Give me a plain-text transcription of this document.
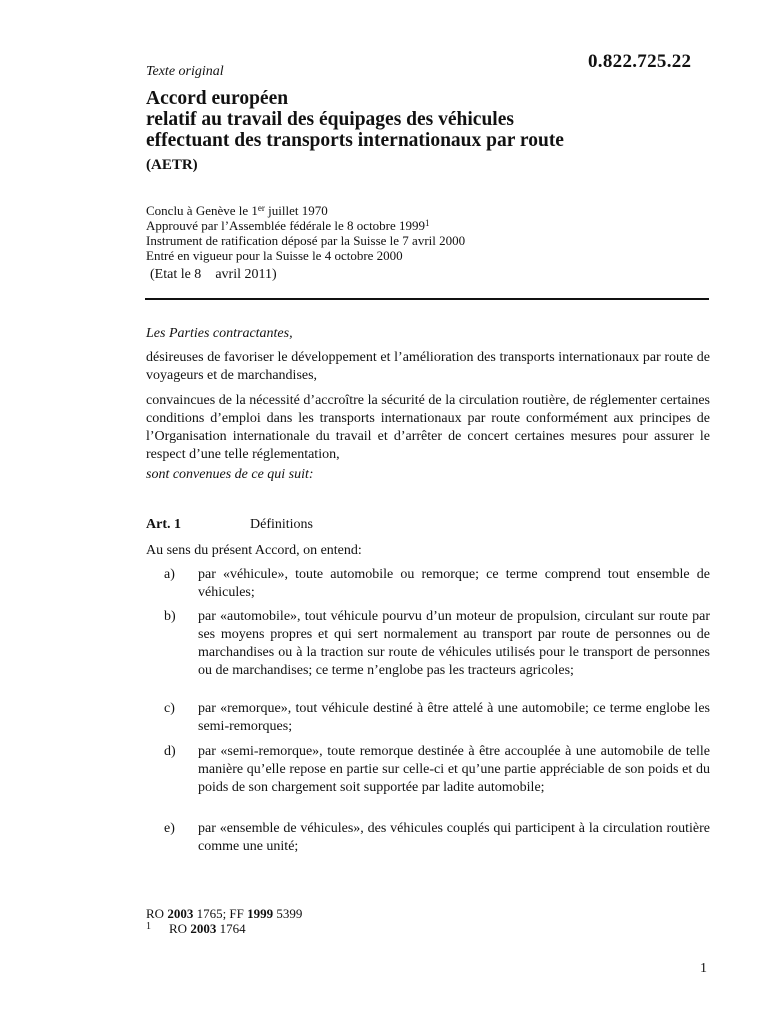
0.822.725.22
Texte original
Accord européen
relatif au travail des équipages des véhicules
effectuant des transports internationaux par route
(AETR)
Conclu à Genève le 1er juillet 1970
Approuvé par l’Assemblée fédérale le 8 octobre 1999$^1$
Instrument de ratification déposé par la Suisse le 7 avril 2000
Entré en vigueur pour la Suisse le 4 octobre 2000
(Etat le 8 avril 2011)
Les Parties contractantes,
désireuses de favoriser le développement et l’amélioration des transports internationaux par route de voyageurs et de marchandises,
convaincues de la nécessité d’accroître la sécurité de la circulation routière, de réglementer certaines conditions d’emploi dans les transports internationaux par route conformément aux principes de l’Organisation internationale du travail et d’arrêter de concert certaines mesures pour assurer le respect d’une telle réglementation,
sont convenues de ce qui suit:
Art. 1	Définitions
Au sens du présent Accord, on entend:
a) par «véhicule», toute automobile ou remorque; ce terme comprend tout ensemble de véhicules;
b) par «automobile», tout véhicule pourvu d’un moteur de propulsion, circulant sur route par ses moyens propres et qui sert normalement au transport par route de personnes ou de marchandises ou à la traction sur route de véhicules utilisés pour le transport de personnes ou de marchandises; ce terme n’englobe pas les tracteurs agricoles;
c) par «remorque», tout véhicule destiné à être attelé à une automobile; ce terme englobe les semi-remorques;
d) par «semi-remorque», toute remorque destinée à être accouplée à une automobile de telle manière qu’elle repose en partie sur celle-ci et qu’une partie appréciable de son poids et du poids de son chargement soit supportée par ladite automobile;
e) par «ensemble de véhicules», des véhicules couplés qui participent à la circulation routière comme une unité;
RO 2003 1765; FF 1999 5399
$^1$ RO 2003 1764
1
